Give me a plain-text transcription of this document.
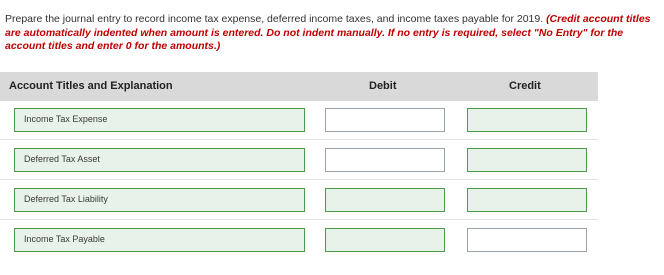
Prepare the journal entry to record income tax expense, deferred income taxes, and income taxes payable for 2019. (Credit account titles are automatically indented when amount is entered. Do not indent manually. If no entry is required, select "No Entry" for the account titles and enter 0 for the amounts.)
Account Titles and Explanation	Debit	Credit
Income Tax Expense
Deferred Tax Asset
Deferred Tax Liability
Income Tax Payable
